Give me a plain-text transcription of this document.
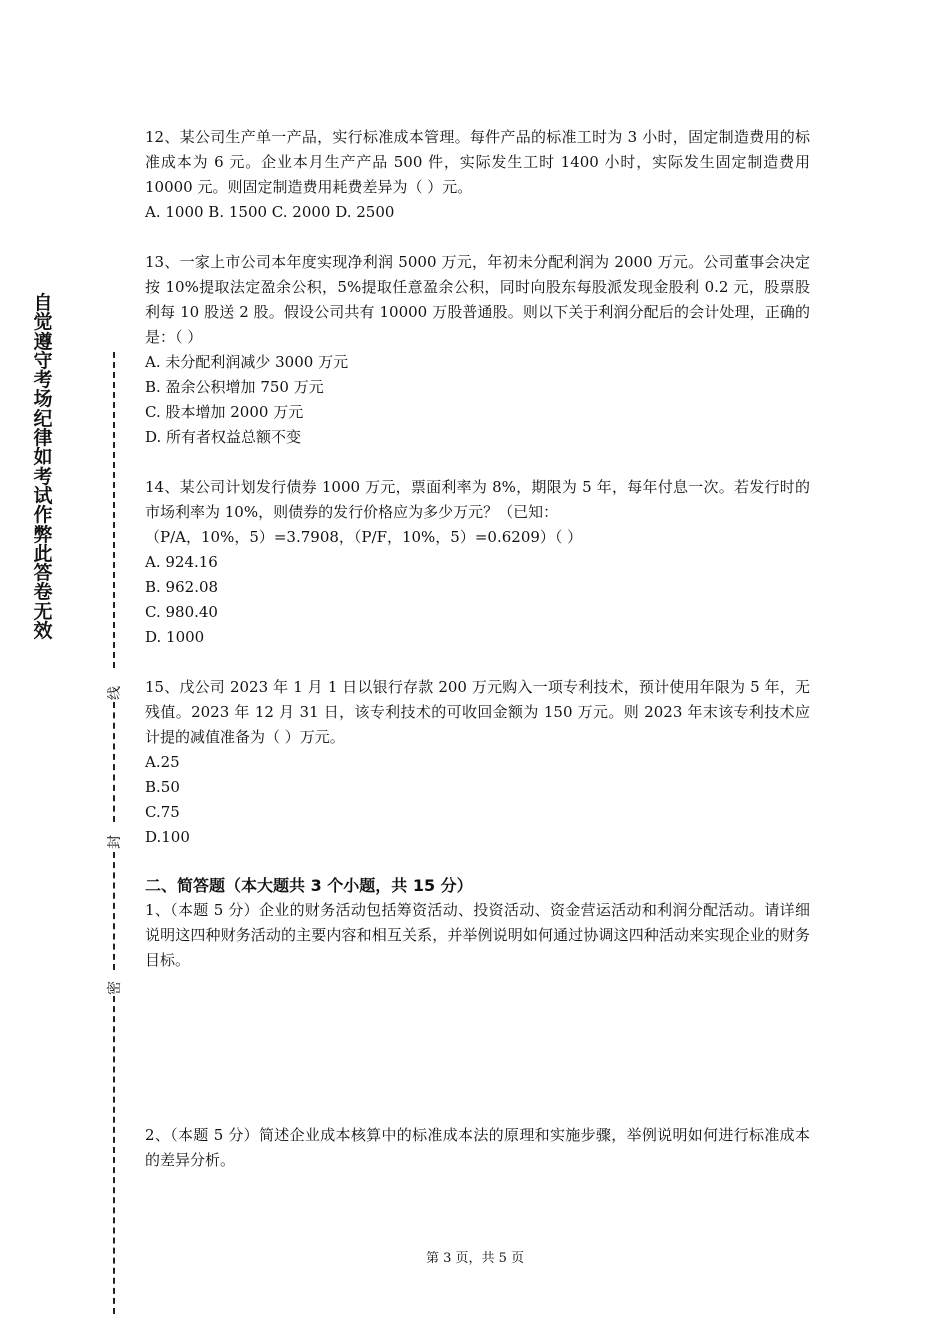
自觉遵守考场纪律如考试作弊此答卷无效
线
封
密
12、某公司生产单一产品，实行标准成本管理。每件产品的标准工时为 3 小时，固定制造费用的标准成本为 6 元。企业本月生产产品 500 件，实际发生工时 1400 小时，实际发生固定制造费用 10000 元。则固定制造费用耗费差异为（ ）元。
A. 1000 B. 1500 C. 2000 D. 2500
13、一家上市公司本年度实现净利润 5000 万元，年初未分配利润为 2000 万元。公司董事会决定按 10%提取法定盈余公积，5%提取任意盈余公积，同时向股东每股派发现金股利 0.2 元，股票股利每 10 股送 2 股。假设公司共有 10000 万股普通股。则以下关于利润分配后的会计处理，正确的是：（ ）
A. 未分配利润减少 3000 万元
B. 盈余公积增加 750 万元
C. 股本增加 2000 万元
D. 所有者权益总额不变
14、某公司计划发行债券 1000 万元，票面利率为 8%，期限为 5 年，每年付息一次。若发行时的市场利率为 10%，则债券的发行价格应为多少万元？（已知：
（P/A，10%，5）=3.7908，（P/F，10%，5）=0.6209）（ ）
A. 924.16
B. 962.08
C. 980.40
D. 1000
15、戊公司 2023 年 1 月 1 日以银行存款 200 万元购入一项专利技术，预计使用年限为 5 年，无残值。2023 年 12 月 31 日，该专利技术的可收回金额为 150 万元。则 2023 年末该专利技术应计提的减值准备为（ ）万元。
A.25
B.50
C.75
D.100
二、简答题（本大题共 3 个小题，共 15 分）
1、（本题 5 分）企业的财务活动包括筹资活动、投资活动、资金营运活动和利润分配活动。请详细说明这四种财务活动的主要内容和相互关系，并举例说明如何通过协调这四种活动来实现企业的财务目标。
2、（本题 5 分）简述企业成本核算中的标准成本法的原理和实施步骤，举例说明如何进行标准成本的差异分析。
第 3 页，共 5 页
